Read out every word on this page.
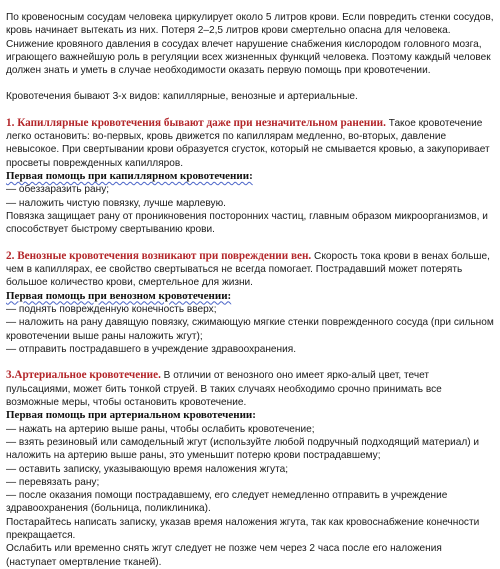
По кровеносным сосудам человека циркулирует около 5 литров крови. Если повредить стенки сосудов, кровь начинает вытекать из них. Потеря 2–2,5 литров крови смертельно опасна для человека. Снижение кровяного давления в сосудах влечет нарушение снабжения кислородом головного мозга, играющего важнейшую роль в регуляции всех жизненных функций человека. Поэтому каждый человек должен знать и уметь в случае необходимости оказать первую помощь при кровотечении.

Кровотечения бывают 3-х видов: капиллярные, венозные и артериальные.

1. Капиллярные кровотечения бывают даже при незначительном ранении. Такое кровотечение легко остановить: во-первых, кровь движется по капиллярам медленно, во-вторых, давление невысокое. При свертывании крови образуется сгусток, который не смывается кровью, а закупоривает просветы поврежденных капилляров.

Первая помощь при капиллярном кровотечении:

— обеззаразить рану;

— наложить чистую повязку, лучше марлевую.

Повязка защищает рану от проникновения посторонних частиц, главным образом микроорганизмов, и способствует быстрому свертыванию крови.

2. Венозные кровотечения возникают при повреждении вен. Скорость тока крови в венах больше, чем в капиллярах, ее свойство свертываться не всегда помогает. Пострадавший может потерять большое количество крови, смертельное для жизни.

Первая помощь при венозном кровотечении:

— поднять поврежденную конечность вверх;

— наложить на рану давящую повязку, сжимающую мягкие стенки поврежденного сосуда (при сильном кровотечении выше раны наложить жгут);

— отправить пострадавшего в учреждение здравоохранения.

3.Артериальное кровотечение. В отличии от венозного оно имеет ярко-алый цвет, течет пульсациями, может бить тонкой струей. В таких случаях необходимо срочно принимать все возможные меры, чтобы остановить кровотечение.

Первая помощь при артериальном кровотечении:

— нажать на артерию выше раны, чтобы ослабить кровотечение;

— взять резиновый или самодельный жгут (используйте любой подручный подходящий материал) и наложить на артерию выше раны, это уменьшит потерю крови пострадавшему;

— оставить записку, указывающую время наложения жгута;

— перевязать рану;

— после оказания помощи пострадавшему, его следует немедленно отправить в учреждение здравоохранения (больница, поликлиника).

Постарайтесь написать записку, указав время наложения жгута, так как кровоснабжение конечности прекращается.

Ослабить или временно снять жгут следует не позже чем через 2 часа после его наложения (наступает омертвление тканей).
